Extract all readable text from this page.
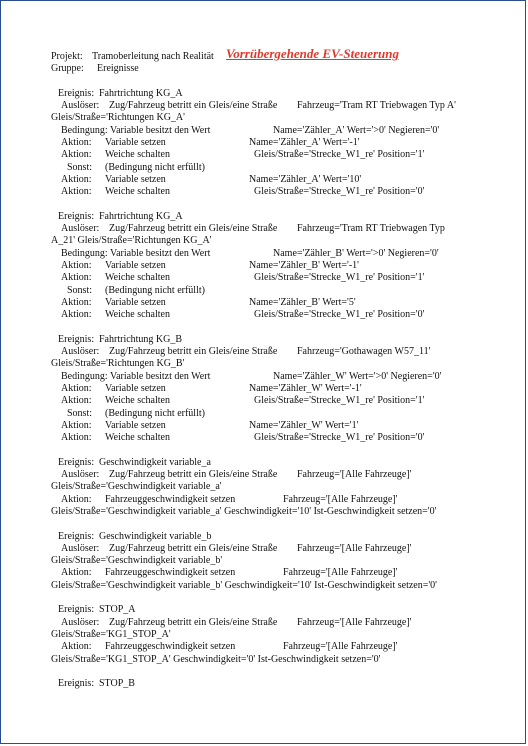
Projekt: Tramoberleitung nach Realität Vorrübergehende EV-Steuerung
Gruppe: Ereignisse
Ereignis: Fahrtrichtung KG_A
Auslöser: Zug/Fahrzeug betritt ein Gleis/eine Straße Fahrzeug='Tram RT Triebwagen Typ A'
Gleis/Straße='Richtungen KG_A'
Bedingung: Variable besitzt den Wert	Name='Zähler_A' Wert='>0' Negieren='0'
Aktion: Variable setzen	Name='Zähler_A' Wert='-1'
Aktion: Weiche schalten	Gleis/Straße='Strecke_W1_re' Position='1'
Sonst: (Bedingung nicht erfüllt)
Aktion: Variable setzen	Name='Zähler_A' Wert='10'
Aktion: Weiche schalten	Gleis/Straße='Strecke_W1_re' Position='0'
Ereignis: Fahrtrichtung KG_A
Auslöser: Zug/Fahrzeug betritt ein Gleis/eine Straße Fahrzeug='Tram RT Triebwagen Typ
A_21' Gleis/Straße='Richtungen KG_A'
Bedingung: Variable besitzt den Wert	Name='Zähler_B' Wert='>0' Negieren='0'
Aktion: Variable setzen	Name='Zähler_B' Wert='-1'
Aktion: Weiche schalten	Gleis/Straße='Strecke_W1_re' Position='1'
Sonst: (Bedingung nicht erfüllt)
Aktion: Variable setzen	Name='Zähler_B' Wert='5'
Aktion: Weiche schalten	Gleis/Straße='Strecke_W1_re' Position='0'
Ereignis: Fahrtrichtung KG_B
Auslöser: Zug/Fahrzeug betritt ein Gleis/eine Straße Fahrzeug='Gothawagen W57_11'
Gleis/Straße='Richtungen KG_B'
Bedingung: Variable besitzt den Wert	Name='Zähler_W' Wert='>0' Negieren='0'
Aktion: Variable setzen	Name='Zähler_W' Wert='-1'
Aktion: Weiche schalten	Gleis/Straße='Strecke_W1_re' Position='1'
Sonst: (Bedingung nicht erfüllt)
Aktion: Variable setzen	Name='Zähler_W' Wert='1'
Aktion: Weiche schalten	Gleis/Straße='Strecke_W1_re' Position='0'
Ereignis: Geschwindigkeit variable_a
Auslöser: Zug/Fahrzeug betritt ein Gleis/eine Straße Fahrzeug='[Alle Fahrzeuge]'
Gleis/Straße='Geschwindigkeit variable_a'
Aktion: Fahrzeuggeschwindigkeit setzen	Fahrzeug='[Alle Fahrzeuge]'
Gleis/Straße='Geschwindigkeit variable_a' Geschwindigkeit='10' Ist-Geschwindigkeit setzen='0'
Ereignis: Geschwindigkeit variable_b
Auslöser: Zug/Fahrzeug betritt ein Gleis/eine Straße Fahrzeug='[Alle Fahrzeuge]'
Gleis/Straße='Geschwindigkeit variable_b'
Aktion: Fahrzeuggeschwindigkeit setzen	Fahrzeug='[Alle Fahrzeuge]'
Gleis/Straße='Geschwindigkeit variable_b' Geschwindigkeit='10' Ist-Geschwindigkeit setzen='0'
Ereignis: STOP_A
Auslöser: Zug/Fahrzeug betritt ein Gleis/eine Straße Fahrzeug='[Alle Fahrzeuge]'
Gleis/Straße='KG1_STOP_A'
Aktion: Fahrzeuggeschwindigkeit setzen	Fahrzeug='[Alle Fahrzeuge]'
Gleis/Straße='KG1_STOP_A' Geschwindigkeit='0' Ist-Geschwindigkeit setzen='0'
Ereignis: STOP_B
